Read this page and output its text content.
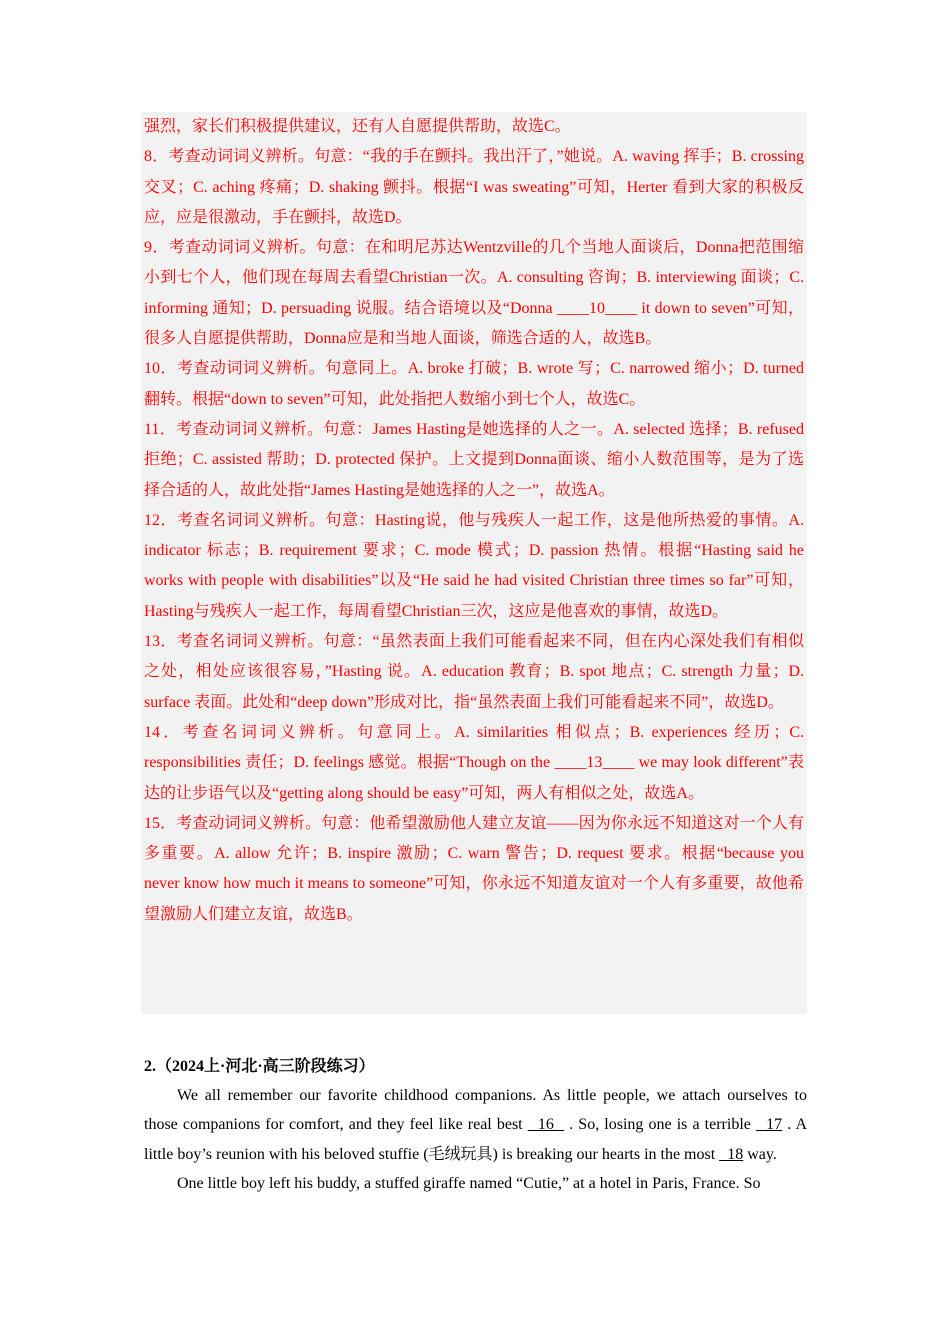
强烈，家长们积极提供建议，还有人自愿提供帮助，故选C。

8．考查动词词义辨析。句意：“我的手在颤抖。我出汗了，”她说。A. waving 挥手；B. crossing 交叉；C. aching 疼痛；D. shaking 颤抖。根据“I was sweating”可知，Herter 看到大家的积极反应，应是很激动，手在颤抖，故选D。

9．考查动词词义辨析。句意：在和明尼苏达Wentzville的几个当地人面谈后，Donna把范围缩小到七个人，他们现在每周去看望Christian一次。A. consulting 咨询；B. interviewing 面谈；C. informing 通知；D. persuading 说服。结合语境以及“Donna ____10____ it down to seven”可知，很多人自愿提供帮助，Donna应是和当地人面谈，筛选合适的人，故选B。

10．考查动词词义辨析。句意同上。A. broke 打破；B. wrote 写；C. narrowed 缩小；D. turned 翻转。根据“down to seven”可知，此处指把人数缩小到七个人，故选C。

11．考查动词词义辨析。句意：James Hasting是她选择的人之一。A. selected 选择；B. refused 拒绝；C. assisted 帮助；D. protected 保护。上文提到Donna面谈、缩小人数范围等，是为了选择合适的人，故此处指“James Hasting是她选择的人之一”，故选A。

12．考查名词词义辨析。句意：Hasting说，他与残疾人一起工作，这是他所热爱的事情。A. indicator 标志；B. requirement 要求；C. mode 模式；D. passion 热情。根据“Hasting said he works with people with disabilities”以及“He said he had visited Christian three times so far”可知，Hasting与残疾人一起工作，每周看望Christian三次，这应是他喜欢的事情，故选D。

13．考查名词词义辨析。句意：“虽然表面上我们可能看起来不同，但在内心深处我们有相似之处，相处应该很容易，”Hasting 说。A. education 教育；B. spot 地点；C. strength 力量；D. surface 表面。此处和“deep down”形成对比，指“虽然表面上我们可能看起来不同”，故选D。

14．考查名词词义辨析。句意同上。A. similarities 相似点；B. experiences 经历；C. responsibilities 责任；D. feelings 感觉。根据“Though on the ____13____ we may look different”表达的让步语气以及“getting along should be easy”可知，两人有相似之处，故选A。

15．考查动词词义辨析。句意：他希望激励他人建立友谊——因为你永远不知道这对一个人有多重要。A. allow 允许；B. inspire 激励；C. warn 警告；D. request 要求。根据“because you never know how much it means to someone”可知，你永远不知道友谊对一个人有多重要，故他希望激励人们建立友谊，故选B。

2.（2024上·河北·高三阶段练习）

We all remember our favorite childhood companions. As little people, we attach ourselves to those companions for comfort, and they feel like real best   16   . So, losing one is a terrible   17 . A little boy’s reunion with his beloved stuffie (毛绒玩具) is breaking our hearts in the most   18 way.

One little boy left his buddy, a stuffed giraffe named “Cutie,” at a hotel in Paris, France. So
